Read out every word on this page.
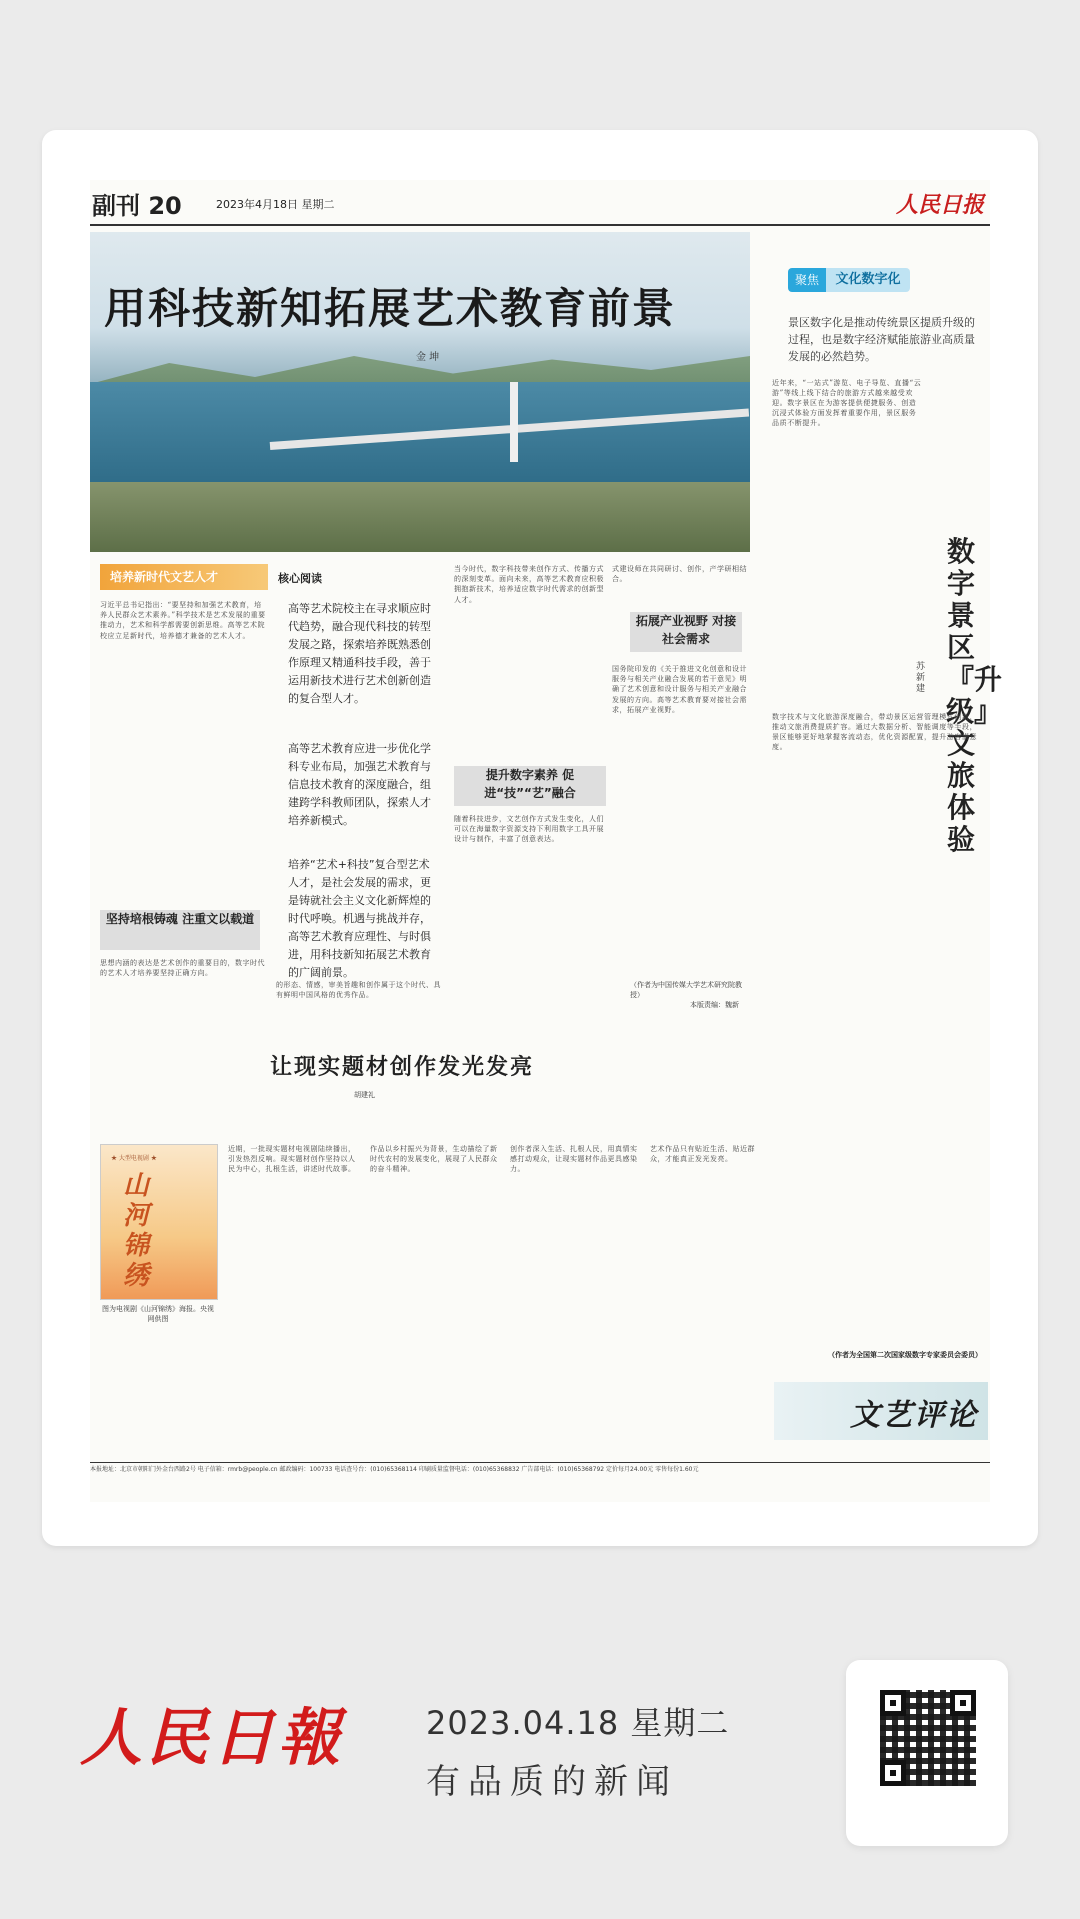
副刊 20	2023年4月18日 星期二	人民日报
用科技新知拓展艺术教育前景
金 坤
聚焦	文化数字化
景区数字化是推动传统景区提质升级的过程，也是数字经济赋能旅游业高质量发展的必然趋势。
近年来，“一站式”游览、电子导览、直播“云游”等线上线下结合的旅游方式越来越受欢迎。数字景区在为游客提供便捷服务、创造沉浸式体验方面发挥着重要作用，景区服务品质不断提升。
数字景区『升级』文旅体验
苏 新 建
数字技术与文化旅游深度融合，带动景区运营管理模式创新，推动文旅消费提质扩容。通过大数据分析、智能调度等手段，景区能够更好地掌握客流动态，优化资源配置，提升游客满意度。
（作者为全国第二次国家级数字专家委员会委员）
培养新时代文艺人才
习近平总书记指出：“要坚持和加强艺术教育，培养人民群众艺术素养。”科学技术是艺术发展的重要推动力，艺术和科学都需要创新思维。高等艺术院校应立足新时代，培养德才兼备的艺术人才。
坚持培根铸魂 注重文以载道
思想内涵的表达是艺术创作的重要目的，数字时代的艺术人才培养要坚持正确方向。
核心阅读
高等艺术院校主在寻求顺应时代趋势，融合现代科技的转型发展之路，探索培养既熟悉创作原理又精通科技手段，善于运用新技术进行艺术创新创造的复合型人才。
高等艺术教育应进一步优化学科专业布局，加强艺术教育与信息技术教育的深度融合，组建跨学科教师团队，探索人才培养新模式。
培养“艺术+科技”复合型艺术人才，是社会发展的需求，更是铸就社会主义文化新辉煌的时代呼唤。机遇与挑战并存，高等艺术教育应理性、与时俱进，用科技新知拓展艺术教育的广阔前景。
的形态、情感，审美旨趣和创作属于这个时代、具有鲜明中国风格的优秀作品。
当今时代，数字科技带来创作方式、传播方式的深刻变革。面向未来，高等艺术教育应积极拥抱新技术，培养适应数字时代需求的创新型人才。
提升数字素养 促进“技”“艺”融合
随着科技进步，文艺创作方式发生变化，人们可以在海量数字资源支持下利用数字工具开展设计与制作，丰富了创意表达。
式建设师在共同研讨、创作，产学研相结合。
拓展产业视野 对接社会需求
国务院印发的《关于推进文化创意和设计服务与相关产业融合发展的若干意见》明确了艺术创意和设计服务与相关产业融合发展的方向。高等艺术教育要对接社会需求，拓展产业视野。
（作者为中国传媒大学艺术研究院教授）
本版责编：魏新
让现实题材创作发光发亮
胡建礼
★ 大型电视剧 ★
山河锦绣
图为电视剧《山河锦绣》海报。央视网供图
近期，一批现实题材电视剧陆续播出，引发热烈反响。现实题材创作坚持以人民为中心，扎根生活，讲述时代故事。
作品以乡村振兴为背景，生动描绘了新时代农村的发展变化，展现了人民群众的奋斗精神。
创作者深入生活、扎根人民，用真情实感打动观众，让现实题材作品更具感染力。
艺术作品只有贴近生活、贴近群众，才能真正发光发亮。
文艺评论
本报地址：北京市朝阳门外金台西路2号 电子信箱：rmrb@people.cn 邮政编码：100733 电话查号台：(010)65368114 印刷质量监督电话：(010)65368832 广告部电话：(010)65368792 定价每月24.00元 零售每份1.60元
人民日報	2023.04.18 星期二
有品质的新闻
